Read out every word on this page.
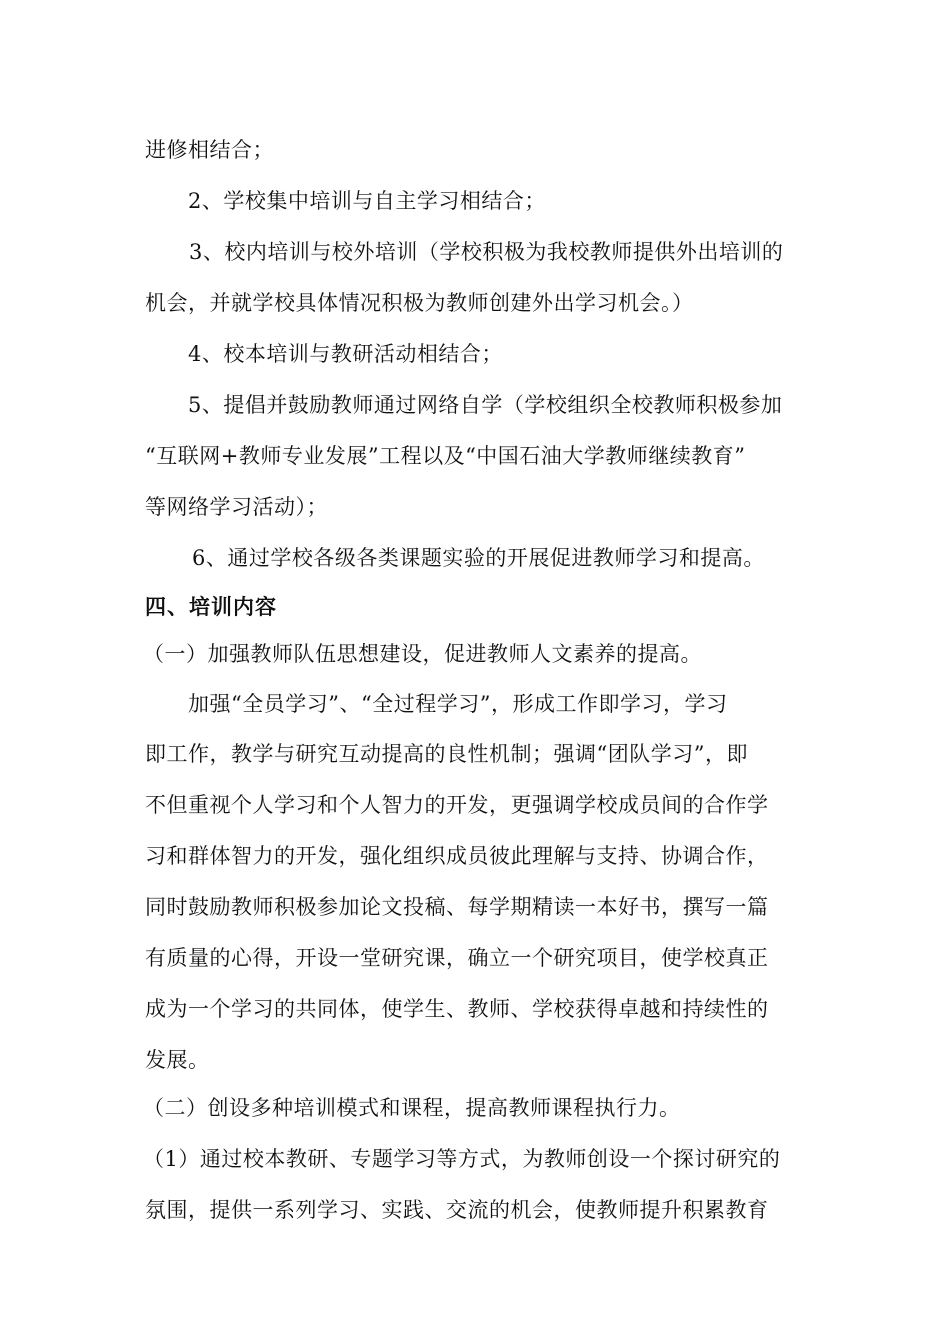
进修相结合；
2、学校集中培训与自主学习相结合；
3、校内培训与校外培训（学校积极为我校教师提供外出培训的
机会，并就学校具体情况积极为教师创建外出学习机会。）
4、校本培训与教研活动相结合；
5、提倡并鼓励教师通过网络自学（学校组织全校教师积极参加
“互联网+教师专业发展”工程以及“中国石油大学教师继续教育”
等网络学习活动）；
6、通过学校各级各类课题实验的开展促进教师学习和提高。
四、培训内容
（一）加强教师队伍思想建设，促进教师人文素养的提高。
加强“全员学习”、“全过程学习”，形成工作即学习，学习
即工作，教学与研究互动提高的良性机制；强调“团队学习”，即
不但重视个人学习和个人智力的开发，更强调学校成员间的合作学
习和群体智力的开发，强化组织成员彼此理解与支持、协调合作，
同时鼓励教师积极参加论文投稿、每学期精读一本好书，撰写一篇
有质量的心得，开设一堂研究课，确立一个研究项目，使学校真正
成为一个学习的共同体，使学生、教师、学校获得卓越和持续性的
发展。
（二）创设多种培训模式和课程，提高教师课程执行力。
（1）通过校本教研、专题学习等方式，为教师创设一个探讨研究的
氛围，提供一系列学习、实践、交流的机会，使教师提升积累教育
